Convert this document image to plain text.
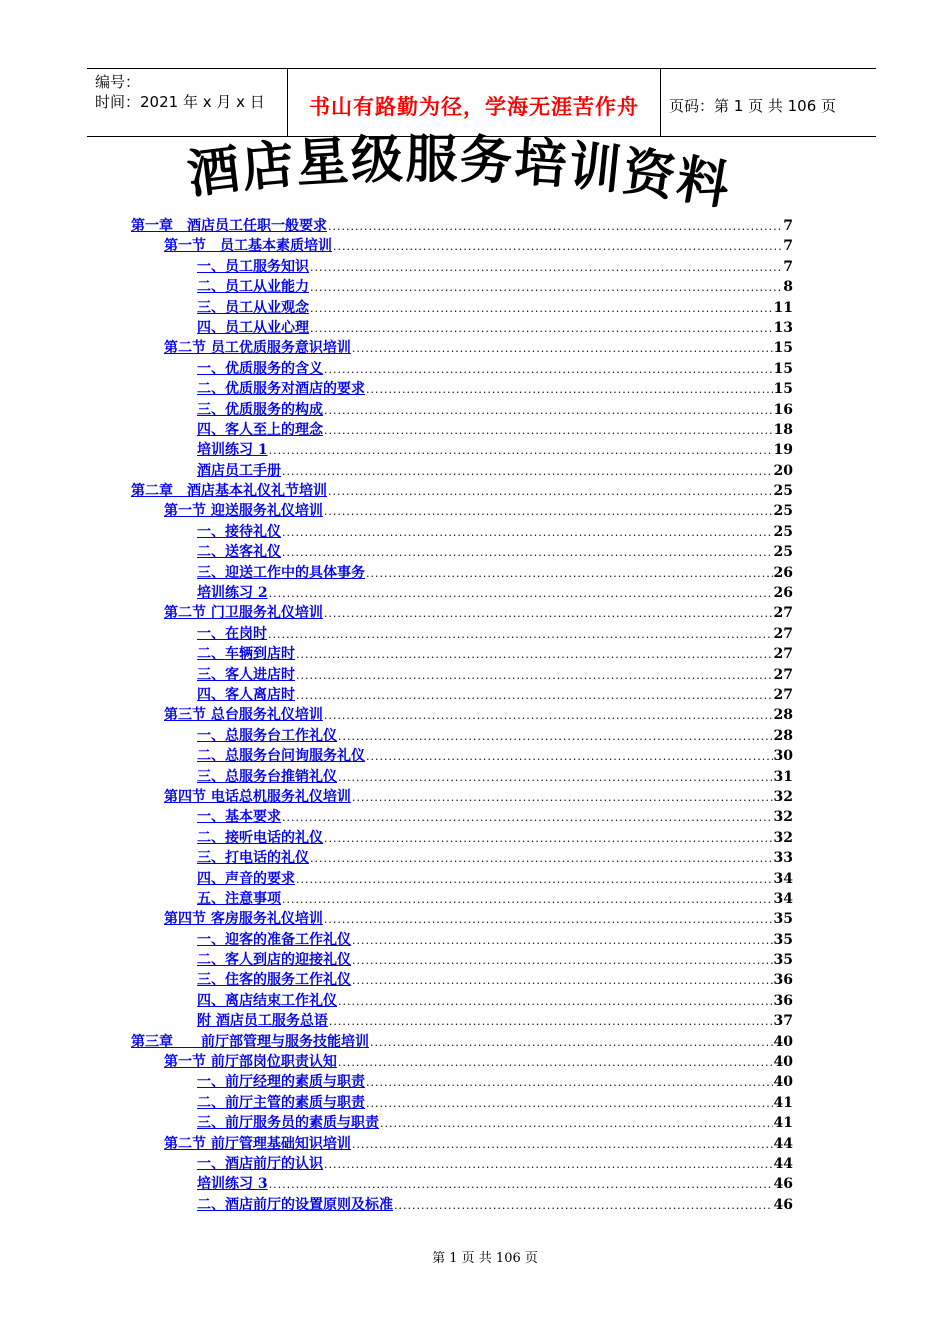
编号：
时间：2021 年 x 月 x 日	书山有路勤为径，学海无涯苦作舟	页码：第 1 页 共 106 页
酒店星级服务培训资料
第一章　酒店员工任职一般要求 .....	7
第一节　员工基本素质培训 .....	7
一、员工服务知识 .....	7
二、员工从业能力 .....	8
三、员工从业观念 .....	11
四、员工从业心理 .....	13
第二节 员工优质服务意识培训 .....	15
一、优质服务的含义 .....	15
二、优质服务对酒店的要求 .....	15
三、优质服务的构成 .....	16
四、客人至上的理念 .....	18
培训练习 1 .....	19
酒店员工手册 .....	20
第二章　酒店基本礼仪礼节培训 .....	25
第一节 迎送服务礼仪培训 .....	25
一、接待礼仪 .....	25
二、送客礼仪 .....	25
三、迎送工作中的具体事务 .....	26
培训练习 2 .....	26
第二节 门卫服务礼仪培训 .....	27
一、在岗时 .....	27
二、车辆到店时 .....	27
三、客人进店时 .....	27
四、客人离店时 .....	27
第三节 总台服务礼仪培训 .....	28
一、总服务台工作礼仪 .....	28
二、总服务台问询服务礼仪 .....	30
三、总服务台推销礼仪 .....	31
第四节 电话总机服务礼仪培训 .....	32
一、基本要求 .....	32
二、接听电话的礼仪 .....	32
三、打电话的礼仪 .....	33
四、声音的要求 .....	34
五、注意事项 .....	34
第四节 客房服务礼仪培训 .....	35
一、迎客的准备工作礼仪 .....	35
二、客人到店的迎接礼仪 .....	35
三、住客的服务工作礼仪 .....	36
四、离店结束工作礼仪 .....	36
附 酒店员工服务总语 .....	37
第三章　　前厅部管理与服务技能培训 .....	40
第一节 前厅部岗位职责认知 .....	40
一、前厅经理的素质与职责 .....	40
二、前厅主管的素质与职责 .....	41
三、前厅服务员的素质与职责 .....	41
第二节 前厅管理基础知识培训 .....	44
一、酒店前厅的认识 .....	44
培训练习 3 .....	46
二、酒店前厅的设置原则及标准 .....	46
第 1 页 共 106 页
